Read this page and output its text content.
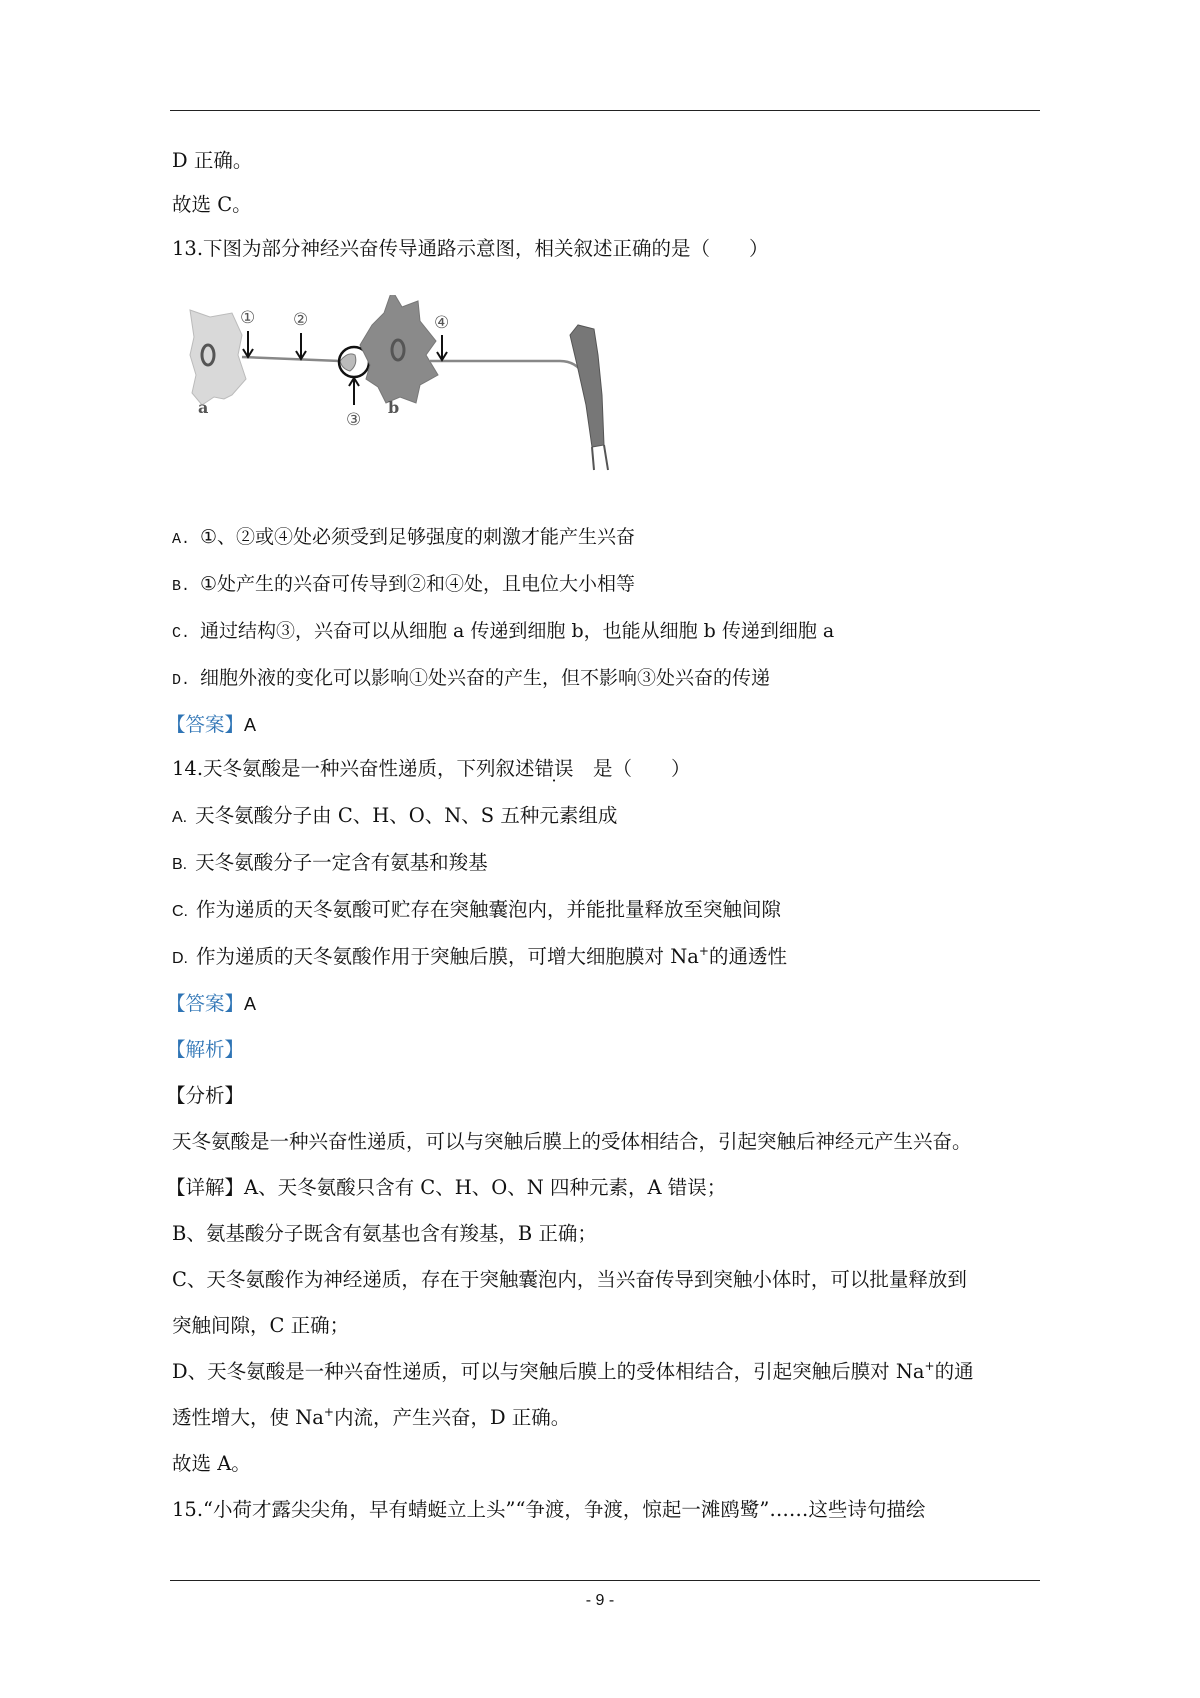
D 正确。
故选 C。
13.下图为部分神经兴奋传导通路示意图，相关叙述正确的是（　　）
① ②
③
④
a	b
A. ①、②或④处必须受到足够强度的刺激才能产生兴奋
B. ①处产生的兴奋可传导到②和④处，且电位大小相等
C. 通过结构③，兴奋可以从细胞 a 传递到细胞 b，也能从细胞 b 传递到细胞 a
D. 细胞外液的变化可以影响①处兴奋的产生，但不影响③处兴奋的传递
【答案】A
14.天冬氨酸是一种兴奋性递质，下列叙述错误　是（　　）
A. 天冬氨酸分子由 C、H、O、N、S 五种元素组成
B. 天冬氨酸分子一定含有氨基和羧基
C. 作为递质的天冬氨酸可贮存在突触囊泡内，并能批量释放至突触间隙
D. 作为递质的天冬氨酸作用于突触后膜，可增大细胞膜对 Na+的通透性
【答案】A
【解析】
【分析】
天冬氨酸是一种兴奋性递质，可以与突触后膜上的受体相结合，引起突触后神经元产生兴奋。
【详解】A、天冬氨酸只含有 C、H、O、N 四种元素，A 错误；
B、氨基酸分子既含有氨基也含有羧基，B 正确；
C、天冬氨酸作为神经递质，存在于突触囊泡内，当兴奋传导到突触小体时，可以批量释放到
突触间隙，C 正确；
D、天冬氨酸是一种兴奋性递质，可以与突触后膜上的受体相结合，引起突触后膜对 Na+的通
透性增大，使 Na+内流，产生兴奋，D 正确。
故选 A。
15.“小荷才露尖尖角，早有蜻蜓立上头”“争渡，争渡，惊起一滩鸥鹭”……这些诗句描绘
- 9 -
